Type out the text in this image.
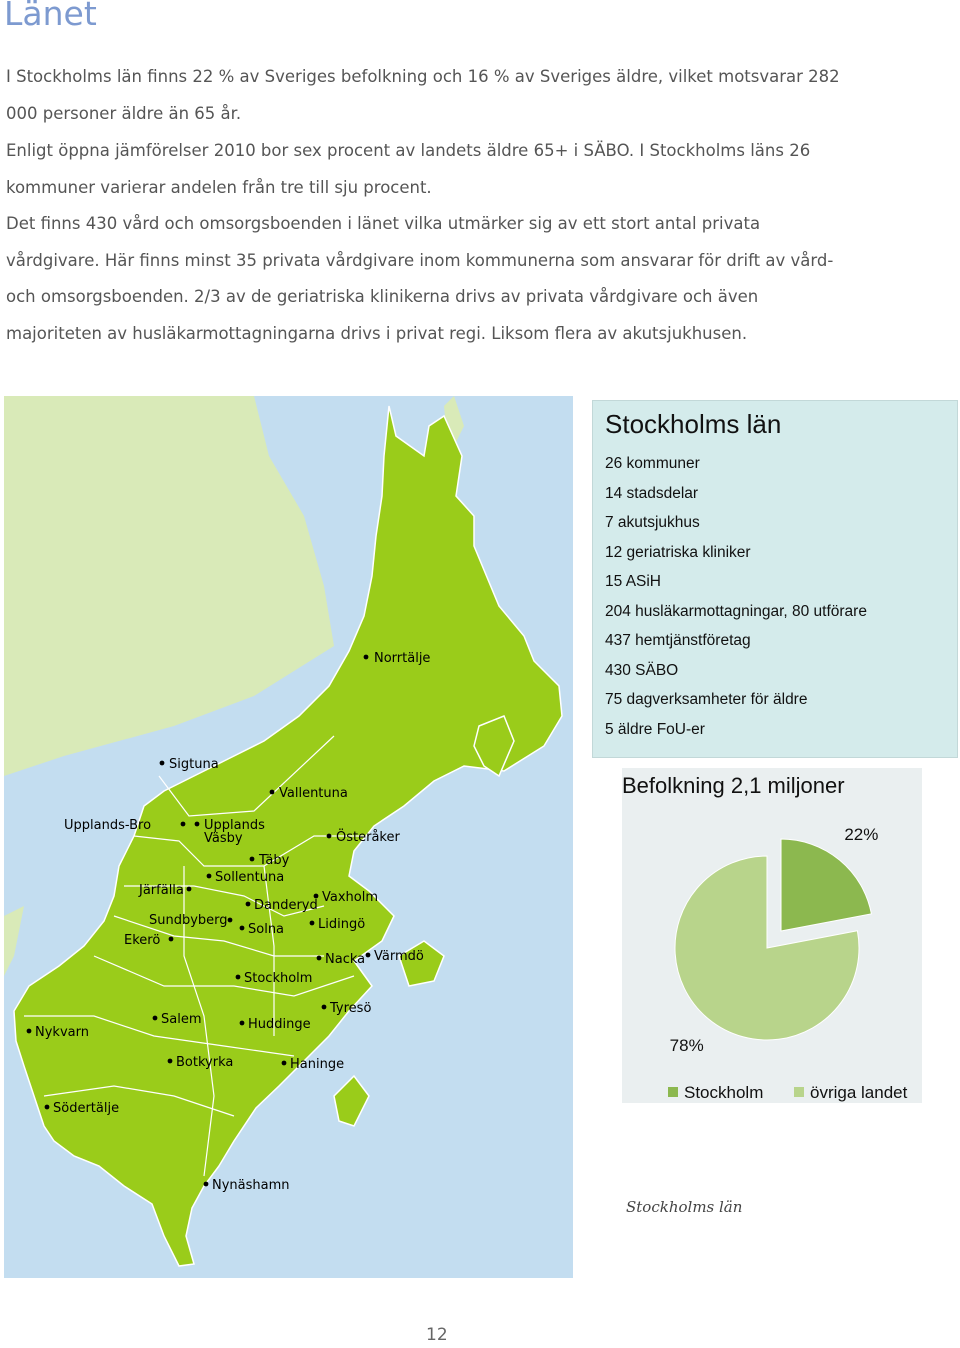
Länet

I Stockholms län finns 22 % av Sveriges befolkning och 16 % av Sveriges äldre, vilket motsvarar 282 000 personer äldre än 65 år.

Enligt öppna jämförelser 2010 bor sex procent av landets äldre 65+ i SÄBO. I Stockholms läns 26 kommuner varierar andelen från tre till sju procent.

Det finns 430 vård och omsorgsboenden i länet vilka utmärker sig av ett stort antal privata vårdgivare. Här finns minst 35 privata vårdgivare inom kommunerna som ansvarar för drift av vård- och omsorgsboenden. 2/3 av de geriatriska klinikerna drivs av privata vårdgivare och även majoriteten av husläkarmottagningarna drivs i privat regi. Liksom flera av akutsjukhusen.

Norrtälje
Sigtuna
Vallentuna
Upplands-Bro	Upplands
Väsby	Österåker
Täby
Järfälla
Sollentuna
Vaxholm
Danderyd
Sundbyberg	Lidingö
Ekerö
Solna
Värmdö
Nacka
Stockholm
Tyresö
Nykvarn
Salem	Huddinge
Botkyrka	Haninge
Södertälje
Nynäshamn
Stockholms län
26 kommuner
14 stadsdelar
7 akutsjukhus
12 geriatriska kliniker
15 ASiH
204 husläkarmottagningar, 80 utförare
437 hemtjänstföretag
430 SÄBO
75 dagverksamheter för äldre
5 äldre FoU-er
Befolkning 2,1 miljoner
22%
78%
Stockholm	övriga landet

Stockholms län

12
